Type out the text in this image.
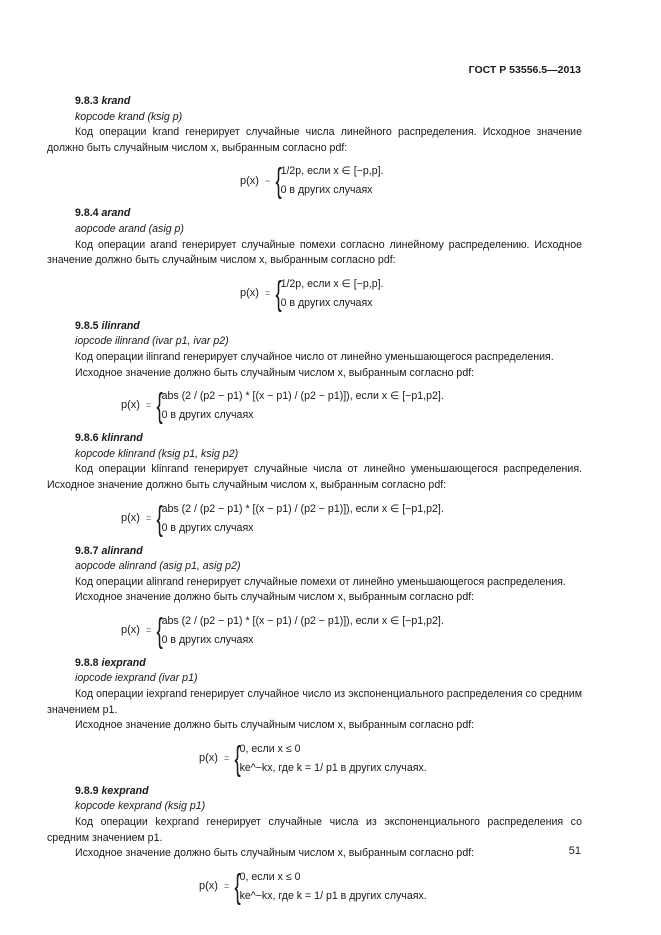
ГОСТ Р 53556.5—2013
9.8.3 krand
kopcode krand (ksig p)
Код операции krand генерирует случайные числа линейного распределения. Исходное значение должно быть случайным числом x, выбранным согласно pdf:
p(x) ~ {
1/2p, если x ∈ [−p,p].
0 в других случаях
9.8.4 arand
aopcode arand (asig p)
Код операции arand генерирует случайные помехи согласно линейному распределению. Исходное значение должно быть случайным числом x, выбранным согласно pdf:
p(x) = {
1/2p, если x ∈ [−p,p].
0 в других случаях
9.8.5 ilinrand
iopcode ilinrand (ivar p1, ivar p2)
Код операции ilinrand генерирует случайное число от линейно уменьшающегося распределения.
Исходное значение должно быть случайным числом x, выбранным согласно pdf:
p(x) = {
abs (2 / (p2 − p1) * [(x − p1) / (p2 − p1)]), если x ∈ [−p1,p2].
0 в других случаях
9.8.6 klinrand
kopcode klinrand (ksig p1, ksig p2)
Код операции klinrand генерирует случайные числа от линейно уменьшающегося распределения. Исходное значение должно быть случайным числом x, выбранным согласно pdf:
p(x) = {
abs (2 / (p2 − p1) * [(x − p1) / (p2 − p1)]), если x ∈ [−p1,p2].
0 в других случаях
9.8.7 alinrand
aopcode alinrand (asig p1, asig p2)
Код операции alinrand генерирует случайные помехи от линейно уменьшающегося распределения.
Исходное значение должно быть случайным числом x, выбранным согласно pdf:
p(x) = {
abs (2 / (p2 − p1) * [(x − p1) / (p2 − p1)]), если x ∈ [−p1,p2].
0 в других случаях
9.8.8 iexprand
iopcode iexprand (ivar p1)
Код операции iexprand генерирует случайное число из экспоненциального распределения со средним значением p1.
Исходное значение должно быть случайным числом x, выбранным согласно pdf:
p(x) = {
0, если x ≤ 0
ke^−kx, где k = 1/ p1 в других случаях.
9.8.9 kexprand
kopcode kexprand (ksig p1)
Код операции kexprand генерирует случайные числа из экспоненциального распределения со средним значением p1.
Исходное значение должно быть случайным числом x, выбранным согласно pdf:
p(x) = {
0, если x ≤ 0
ke^−kx, где k = 1/ p1 в других случаях.
51
